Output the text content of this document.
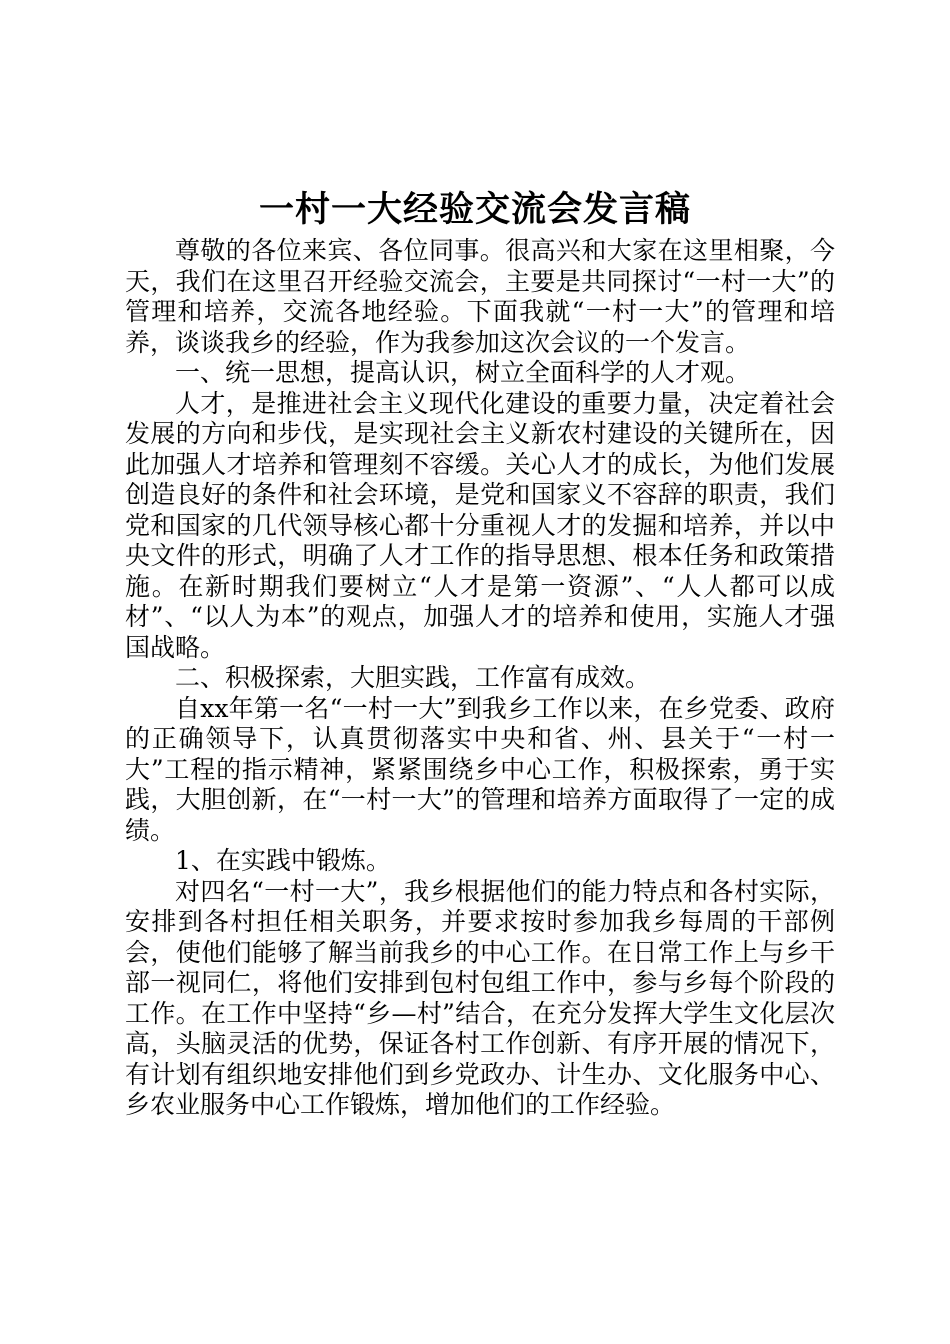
一村一大经验交流会发言稿

尊敬的各位来宾、各位同事。很高兴和大家在这里相聚，今天，我们在这里召开经验交流会，主要是共同探讨“一村一大”的管理和培养，交流各地经验。下面我就“一村一大”的管理和培养，谈谈我乡的经验，作为我参加这次会议的一个发言。

一、统一思想，提高认识，树立全面科学的人才观。

人才，是推进社会主义现代化建设的重要力量，决定着社会发展的方向和步伐，是实现社会主义新农村建设的关键所在，因此加强人才培养和管理刻不容缓。关心人才的成长，为他们发展创造良好的条件和社会环境，是党和国家义不容辞的职责，我们党和国家的几代领导核心都十分重视人才的发掘和培养，并以中央文件的形式，明确了人才工作的指导思想、根本任务和政策措施。在新时期我们要树立“人才是第一资源”、“人人都可以成材”、“以人为本”的观点，加强人才的培养和使用，实施人才强国战略。

二、积极探索，大胆实践，工作富有成效。

自xx年第一名“一村一大”到我乡工作以来，在乡党委、政府的正确领导下，认真贯彻落实中央和省、州、县关于“一村一大”工程的指示精神，紧紧围绕乡中心工作，积极探索，勇于实践，大胆创新，在“一村一大”的管理和培养方面取得了一定的成绩。

1、在实践中锻炼。

对四名“一村一大”，我乡根据他们的能力特点和各村实际，安排到各村担任相关职务，并要求按时参加我乡每周的干部例会，使他们能够了解当前我乡的中心工作。在日常工作上与乡干部一视同仁，将他们安排到包村包组工作中，参与乡每个阶段的工作。在工作中坚持“乡—村”结合，在充分发挥大学生文化层次高，头脑灵活的优势，保证各村工作创新、有序开展的情况下，有计划有组织地安排他们到乡党政办、计生办、文化服务中心、乡农业服务中心工作锻炼，增加他们的工作经验。
